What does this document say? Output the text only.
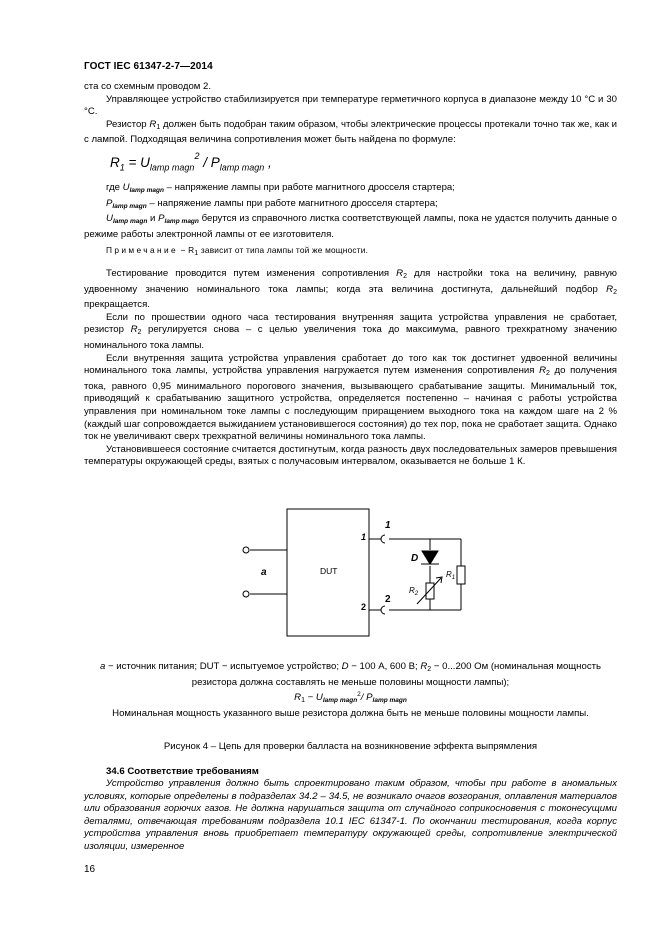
ГОСТ IEC 61347-2-7—2014

ста со схемным проводом 2.

Управляющее устройство стабилизируется при температуре герметичного корпуса в диапазоне между 10 °С и 30 °С.

Резистор $R_1$ должен быть подобран таким образом, чтобы электрические процессы протекали точно так же, как и с лампой. Подходящая величина сопротивления может быть найдена по формуле:

$R_1 = U_{lamp magn}^2 / P_{lamp magn}$ ,

где $U_{lamp magn}$ – напряжение лампы при работе магнитного дросселя стартера;

$P_{lamp magn}$ – напряжение лампы при работе магнитного дросселя стартера;

$U_{lamp magn}$ и $P_{lamp magn}$ берутся из справочного листка соответствующей лампы, пока не удастся получить данные о режиме работы электронной лампы от ее изготовителя.

Примечание − $R_1$ зависит от типа лампы той же мощности.

Тестирование проводится путем изменения сопротивления $R_2$ для настройки тока на величину, равную удвоенному значению номинального тока лампы; когда эта величина достигнута, дальнейший подбор $R_2$ прекращается.

Если по прошествии одного часа тестирования внутренняя защита устройства управления не сработает, резистор $R_2$ регулируется снова – с целью увеличения тока до максимума, равного трехкратному значению номинального тока лампы.

Если внутренняя защита устройства управления сработает до того как ток достигнет удвоенной величины номинального тока лампы, устройства управления нагружается путем изменения сопротивления $R_2$ до получения тока, равного 0,95 минимального порогового значения, вызывающего срабатывание защиты. Минимальный ток, приводящий к срабатыванию защитного устройства, определяется постепенно – начиная с работы устройства управления при номинальном токе лампы с последующим приращением выходного тока на каждом шаге на 2 % (каждый шаг сопровождается выжиданием установившегося состояния) до тех пор, пока не сработает защита. Однако ток не увеличивают сверх трехкратной величины номинального тока лампы.

Установившееся состояние считается достигнутым, когда разность двух последовательных замеров превышения температуры окружающей среды, взятых с получасовым интервалом, оказывается не больше 1 К.

DUT
a
1
2
1
2
D
$R_1$
$R_2$

a − источник питания; DUT − испытуемое устройство; D − 100 А, 600 В; $R_2 - 0...200$ Ом (номинальная мощность резистора должна составлять не меньше половины мощности лампы);

$R_1 - U_{lamp magn}^2/$ $P_{lamp magn}$

Номинальная мощность указанного выше резистора должна быть не меньше половины мощности лампы.

Рисунок 4 – Цепь для проверки балласта на возникновение эффекта выпрямления
34.6 Соответствие требованиям

Устройство управления должно быть спроектировано таким образом, чтобы при работе в аномальных условиях, которые определены в подразделах 34.2 – 34.5, не возникало очагов возгорания, оплавления материалов или образования горючих газов. Не должна нарушаться защита от случайного соприкосновения с токонесущими деталями, отвечающая требованиям подраздела 10.1 IEC 61347-1. По окончании тестирования, когда корпус устройства управления вновь приобретает температуру окружающей среды, сопротивление электрической изоляции, измеренное

16
